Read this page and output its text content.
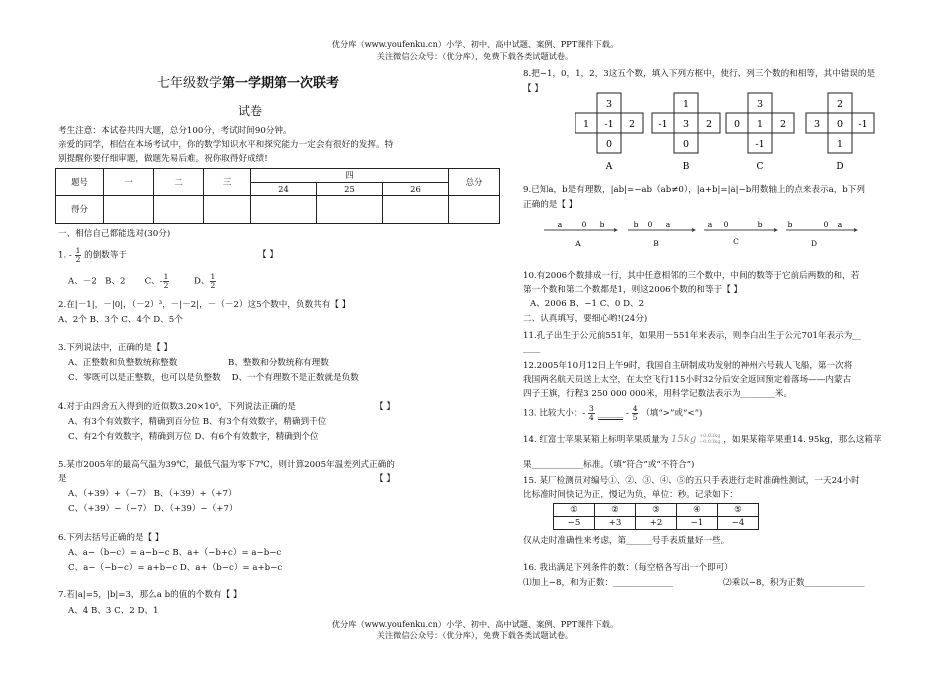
优分库（www.youfenku.cn）小学、初中、高中试题、案例、PPT课件下载。
关注微信公众号：（优分库），免费下载各类试题试卷。
七年级数学第一学期第一次联考
试卷
考生注意：本试卷共四大题，总分100分，考试时间90分钟。
亲爱的同学，相信在本场考试中，你的数学知识水平和探究能力一定会有很好的发挥。特
别提醒你要仔细审题，做题先易后难。祝你取得好成绩!
题号	一	二	三	四			总分
				24	25	26	
得分							
一、相信自己都能选对(30分)
1. - $\frac{1}{2}$ 的倒数等于	【 】
A、－2 B、2 C、- $\frac{1}{2}$	D、 $\frac{1}{2}$
2.在|－1|，－|0|，（－2）³，－|－2|，－（－2）这5个数中，负数共有【 】
A、2个 B、3个 C、4个 D、5个
3.下列说法中，正确的是【 】
A、正整数和负整数统称整数	B、整数和分数统称有理数
C、零既可以是正整数，也可以是负整数 D、一个有理数不是正数就是负数
4.对于由四舍五入得到的近似数3.20×10⁵，下列说法正确的是	【 】
A、有3个有效数字，精确到百分位 B、有3个有效数字，精确到千位
C、有2个有效数字，精确到万位 D、有6个有效数字，精确到个位
5.某市2005年的最高气温为39℃，最低气温为零下7℃，则计算2005年温差列式正确的
是	【 】
A、（+39）+（−7） B、（+39）+（+7）
C、（+39）−（−7） D、（+39）−（+7）
6.下列去括号正确的是【 】
A、a−（b−c）= a−b−c B、a+（−b+c）= a−b−c
C、a−（−b−c）= a+b−c D、a+（b−c）= a+b−c
7.若|a|=5，|b|=3，那么a b的值的个数有【 】
A、4 B、3 C、2 D、1
8.把−1，0，1，2，3这五个数，填入下列方框中，使行、列三个数的和相等，其中错误的是
【 】
3
1 -1 2
0
A
1
-1 3 2
0
B
3
0 1 2
-1
C
2
3 0 -1
1
D
9.已知a，b是有理数，|ab|=−ab（ab≠0），|a+b|=|a|−b用数轴上的点来表示a，b下列
正确的是【 】
a	0 b
A
b 0 a
B
a 0	b
C
b	0 a
D
10.有2006个数排成一行，其中任意相邻的三个数中，中间的数等于它前后两数的和，若
第一个数和第二个数都是1，则这2006个数的和等于【 】
A、2006 B、−1 C、0 D、2
二、认真填写，要细心哟!(24分)
11.孔子出生于公元前551年，如果用－551年来表示，则李白出生于公元701年表示为__
____
12.2005年10月12日上午9时，我国自主研制成功发射的神州六号载人飞船，第一次将
我国两名航天员送上太空，在太空飞行115小时32分后安全返回预定着落场——内蒙古
四子王旗，行程3 250 000 000米，用科学记数法表示为________米。
13. 比较大小：- $\frac{3}{4}$ ______ - $\frac{4}{5}$ （填“>”或“<”)
14. 红富士苹果某箱上标明苹果质量为 15kg +0.03kg
−0.03kg ，如果某箱苹果重14. 95kg，那么这箱苹
果____________标准。（填“符合”或“不符合”)
15. 某厂检测员对编号①、②、③、④、⑤的五只手表进行走时准确性测试，一天24小时
比标准时间快记为正，慢记为负，单位：秒。记录如下：
①	②	③	④	⑤
−5	+3	+2	−1	−4
仅从走时准确性来考虑，第______号手表质量好一些。
16. 我出满足下列条件的数：（每空格各写出一个即可）
⑴加上−8，和为正数：______________	⑵乘以−8，积为正数______________
优分库（www.youfenku.cn）小学、初中、高中试题、案例、PPT课件下载。
关注微信公众号：（优分库），免费下载各类试题试卷。
